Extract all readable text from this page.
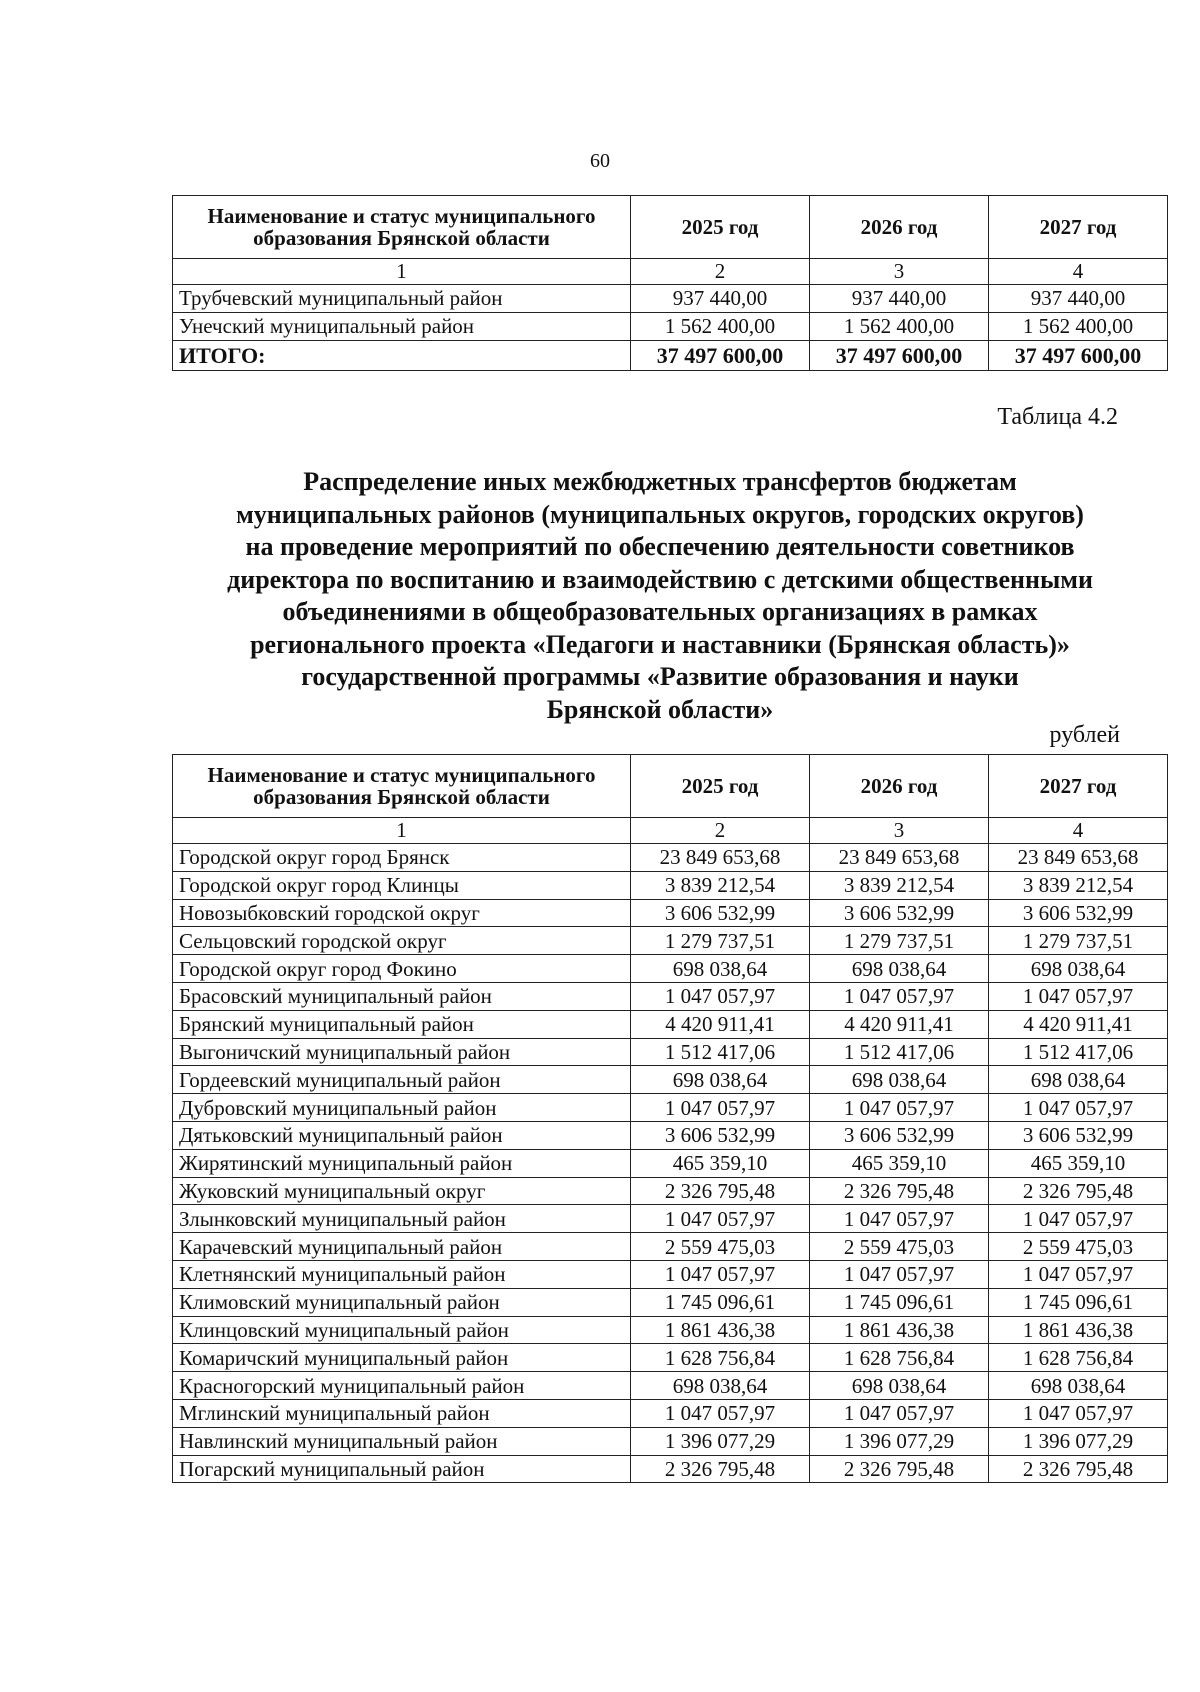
60
Наименование и статус муниципального образования Брянской области	2025 год	2026 год	2027 год
1	2	3	4
Трубчевский муниципальный район	937 440,00	937 440,00	937 440,00
Унечский муниципальный район	1 562 400,00	1 562 400,00	1 562 400,00
ИТОГО:	37 497 600,00	37 497 600,00	37 497 600,00
Таблица 4.2
Распределение иных межбюджетных трансфертов бюджетам
муниципальных районов (муниципальных округов, городских округов)
на проведение мероприятий по обеспечению деятельности советников
директора по воспитанию и взаимодействию с детскими общественными
объединениями в общеобразовательных организациях в рамках
регионального проекта «Педагоги и наставники (Брянская область)»
государственной программы «Развитие образования и науки
Брянской области»
рублей
Наименование и статус муниципального образования Брянской области	2025 год	2026 год	2027 год
1	2	3	4
Городской округ город Брянск	23 849 653,68	23 849 653,68	23 849 653,68
Городской округ город Клинцы	3 839 212,54	3 839 212,54	3 839 212,54
Новозыбковский городской округ	3 606 532,99	3 606 532,99	3 606 532,99
Сельцовский городской округ	1 279 737,51	1 279 737,51	1 279 737,51
Городской округ город Фокино	698 038,64	698 038,64	698 038,64
Брасовский муниципальный район	1 047 057,97	1 047 057,97	1 047 057,97
Брянский муниципальный район	4 420 911,41	4 420 911,41	4 420 911,41
Выгоничский муниципальный район	1 512 417,06	1 512 417,06	1 512 417,06
Гордеевский муниципальный район	698 038,64	698 038,64	698 038,64
Дубровский муниципальный район	1 047 057,97	1 047 057,97	1 047 057,97
Дятьковский муниципальный район	3 606 532,99	3 606 532,99	3 606 532,99
Жирятинский муниципальный район	465 359,10	465 359,10	465 359,10
Жуковский муниципальный округ	2 326 795,48	2 326 795,48	2 326 795,48
Злынковский муниципальный район	1 047 057,97	1 047 057,97	1 047 057,97
Карачевский муниципальный район	2 559 475,03	2 559 475,03	2 559 475,03
Клетнянский муниципальный район	1 047 057,97	1 047 057,97	1 047 057,97
Климовский муниципальный район	1 745 096,61	1 745 096,61	1 745 096,61
Клинцовский муниципальный район	1 861 436,38	1 861 436,38	1 861 436,38
Комаричский муниципальный район	1 628 756,84	1 628 756,84	1 628 756,84
Красногорский муниципальный район	698 038,64	698 038,64	698 038,64
Мглинский муниципальный район	1 047 057,97	1 047 057,97	1 047 057,97
Навлинский муниципальный район	1 396 077,29	1 396 077,29	1 396 077,29
Погарский муниципальный район	2 326 795,48	2 326 795,48	2 326 795,48
